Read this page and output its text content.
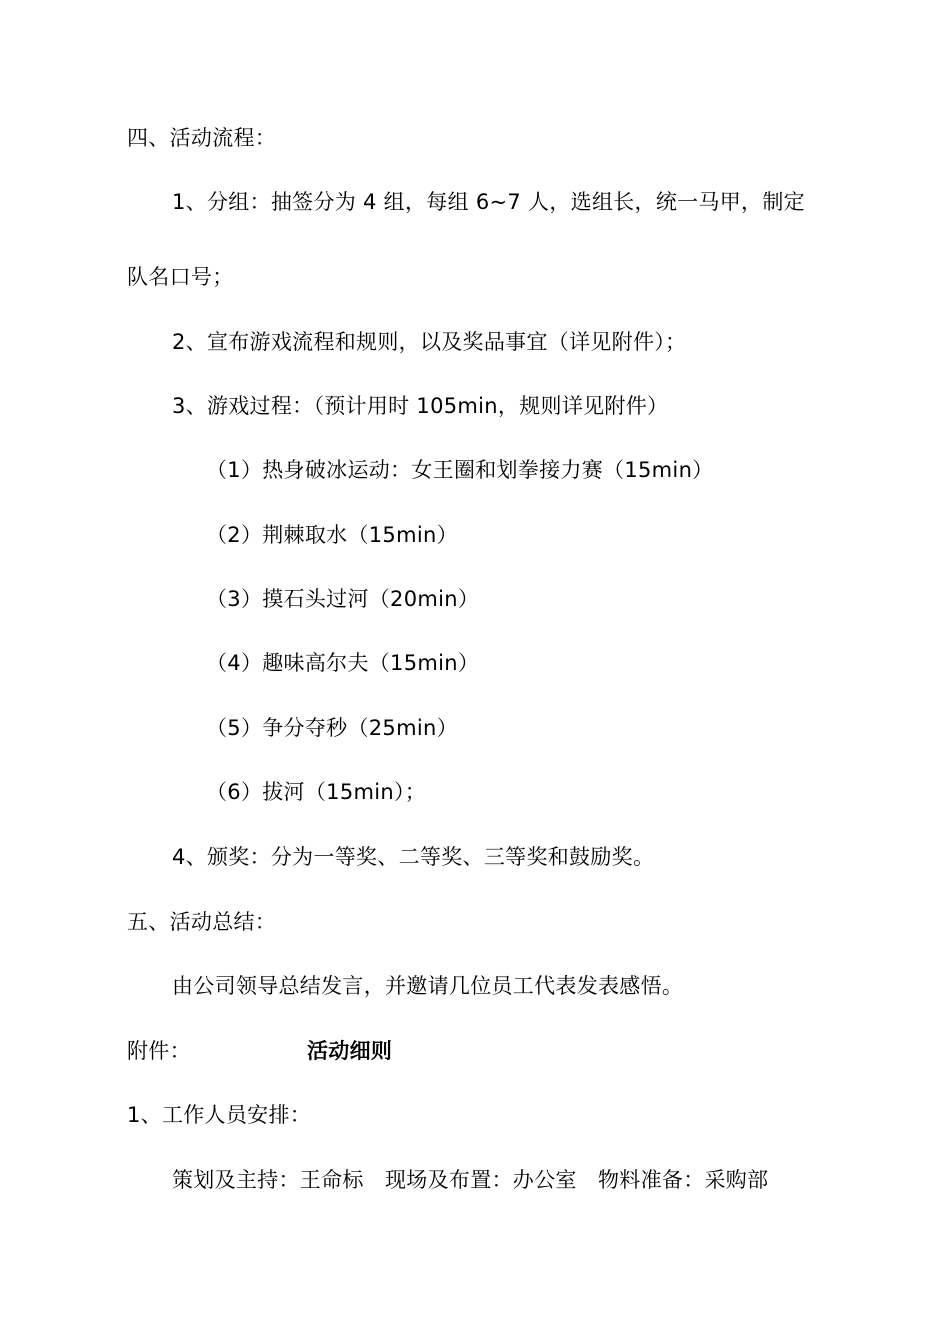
四、活动流程：
1、分组：抽签分为 4 组，每组 6~7 人，选组长，统一马甲，制定
队名口号；
2、宣布游戏流程和规则，以及奖品事宜（详见附件）；
3、游戏过程：（预计用时 105min，规则详见附件）
（1）热身破冰运动：女王圈和划拳接力赛（15min）
（2）荆棘取水（15min）
（3）摸石头过河（20min）
（4）趣味高尔夫（15min）
（5）争分夺秒（25min）
（6）拔河（15min）；
4、颁奖：分为一等奖、二等奖、三等奖和鼓励奖。
五、活动总结：
由公司领导总结发言，并邀请几位员工代表发表感悟。
附件：	活动细则
1、工作人员安排：
策划及主持：王命标　现场及布置：办公室　物料准备：采购部
